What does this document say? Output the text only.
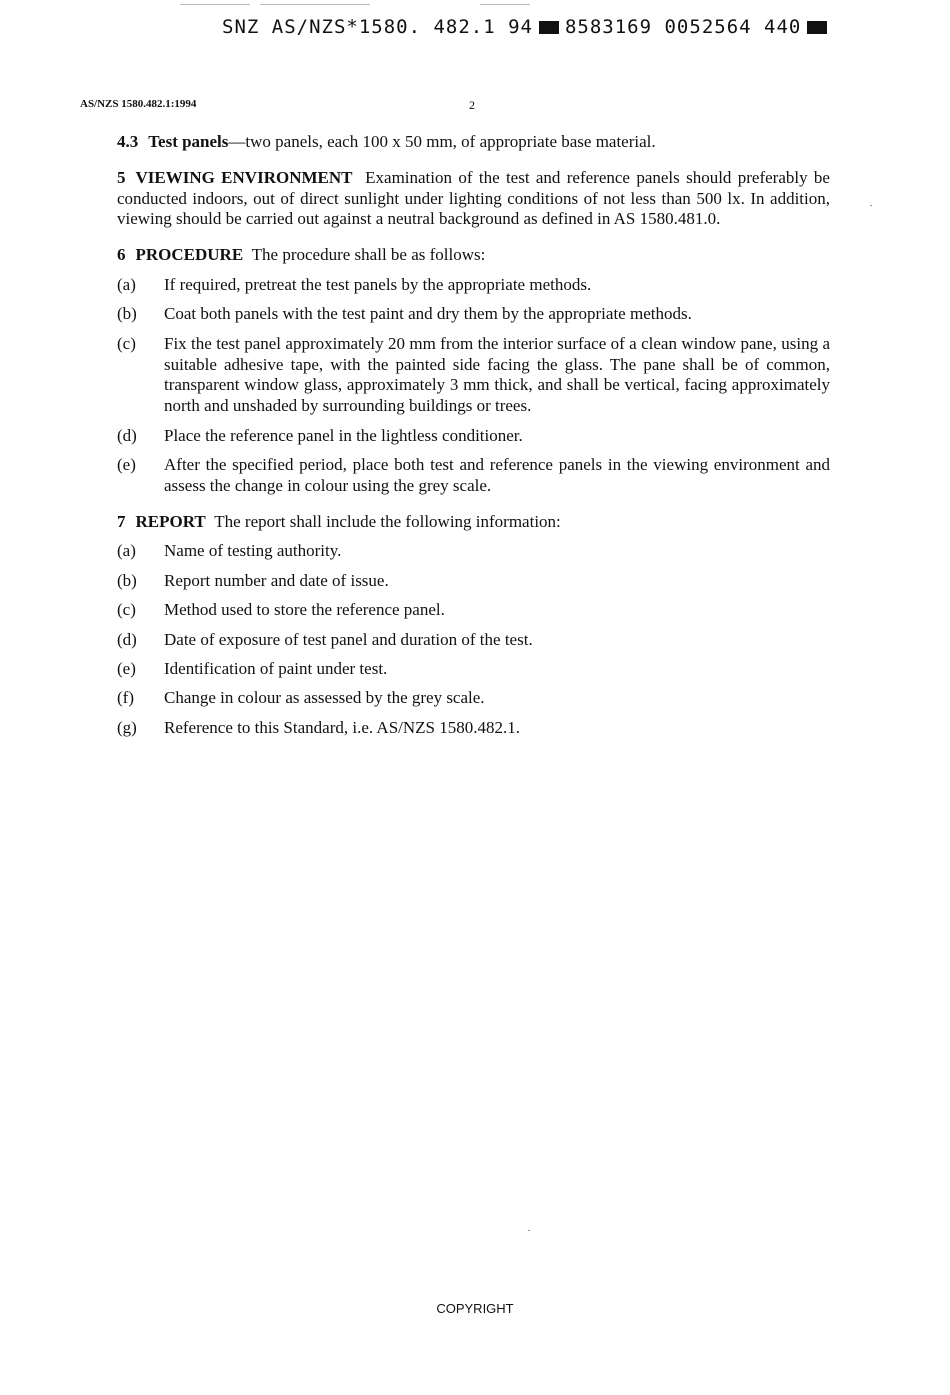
SNZ AS/NZS*1580. 482.1 94 8583169 0052564 440
AS/NZS 1580.482.1:1994	2

4.3 Test panels—two panels, each 100 x 50 mm, of appropriate base material.

5 VIEWING ENVIRONMENT Examination of the test and reference panels should preferably be conducted indoors, out of direct sunlight under lighting conditions of not less than 500 lx. In addition, viewing should be carried out against a neutral background as defined in AS 1580.481.0.

6 PROCEDURE The procedure shall be as follows:

(a)	If required, pretreat the test panels by the appropriate methods.
(b)	Coat both panels with the test paint and dry them by the appropriate methods.
(c)	Fix the test panel approximately 20 mm from the interior surface of a clean window pane, using a suitable adhesive tape, with the painted side facing the glass. The pane shall be of common, transparent window glass, approximately 3 mm thick, and shall be vertical, facing approximately north and unshaded by surrounding buildings or trees.
(d)	Place the reference panel in the lightless conditioner.
(e)	After the specified period, place both test and reference panels in the viewing environment and assess the change in colour using the grey scale.

7 REPORT The report shall include the following information:

(a)	Name of testing authority.
(b)	Report number and date of issue.
(c)	Method used to store the reference panel.
(d)	Date of exposure of test panel and duration of the test.
(e)	Identification of paint under test.
(f)	Change in colour as assessed by the grey scale.
(g)	Reference to this Standard, i.e. AS/NZS 1580.482.1.
COPYRIGHT
